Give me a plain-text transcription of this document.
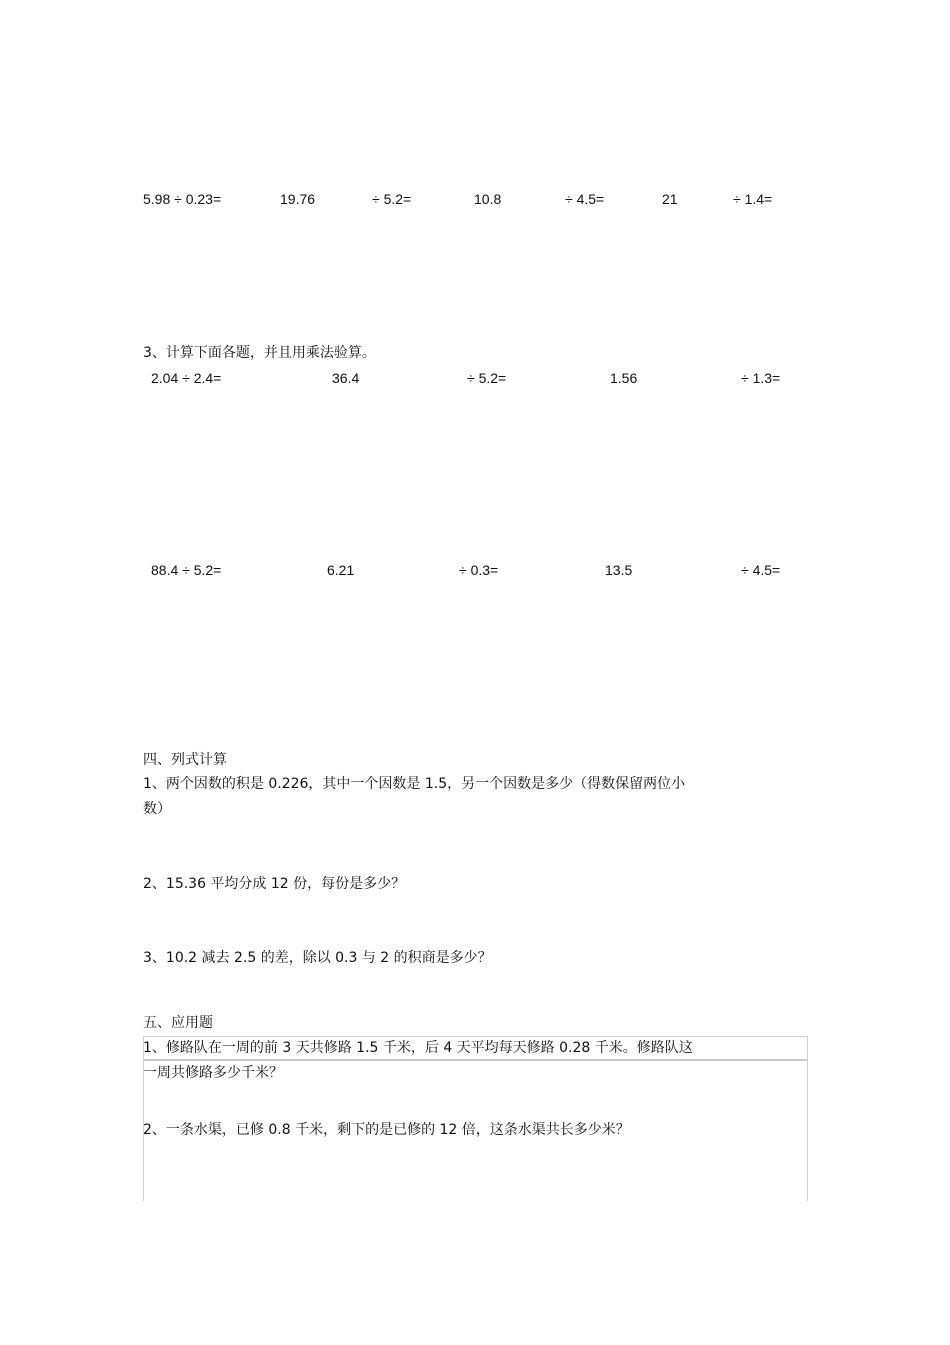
5.98 ÷ 0.23=	19.76	÷ 5.2=	10.8	÷ 4.5=	21	÷ 1.4=
3、计算下面各题，并且用乘法验算。
2.04 ÷ 2.4=	36.4	÷ 5.2=	1.56	÷ 1.3=
88.4 ÷ 5.2=	6.21	÷ 0.3=	13.5	÷ 4.5=
四、列式计算
1、两个因数的积是 0.226，其中一个因数是 1.5，另一个因数是多少（得数保留两位小
数）
2、15.36 平均分成 12 份，每份是多少？
3、10.2 减去 2.5 的差，除以 0.3 与 2 的积商是多少？
五、应用题
1、修路队在一周的前 3 天共修路 1.5 千米，后 4 天平均每天修路 0.28 千米。修路队这
一周共修路多少千米？
2、一条水渠，已修 0.8 千米，剩下的是已修的 12 倍，这条水渠共长多少米？
